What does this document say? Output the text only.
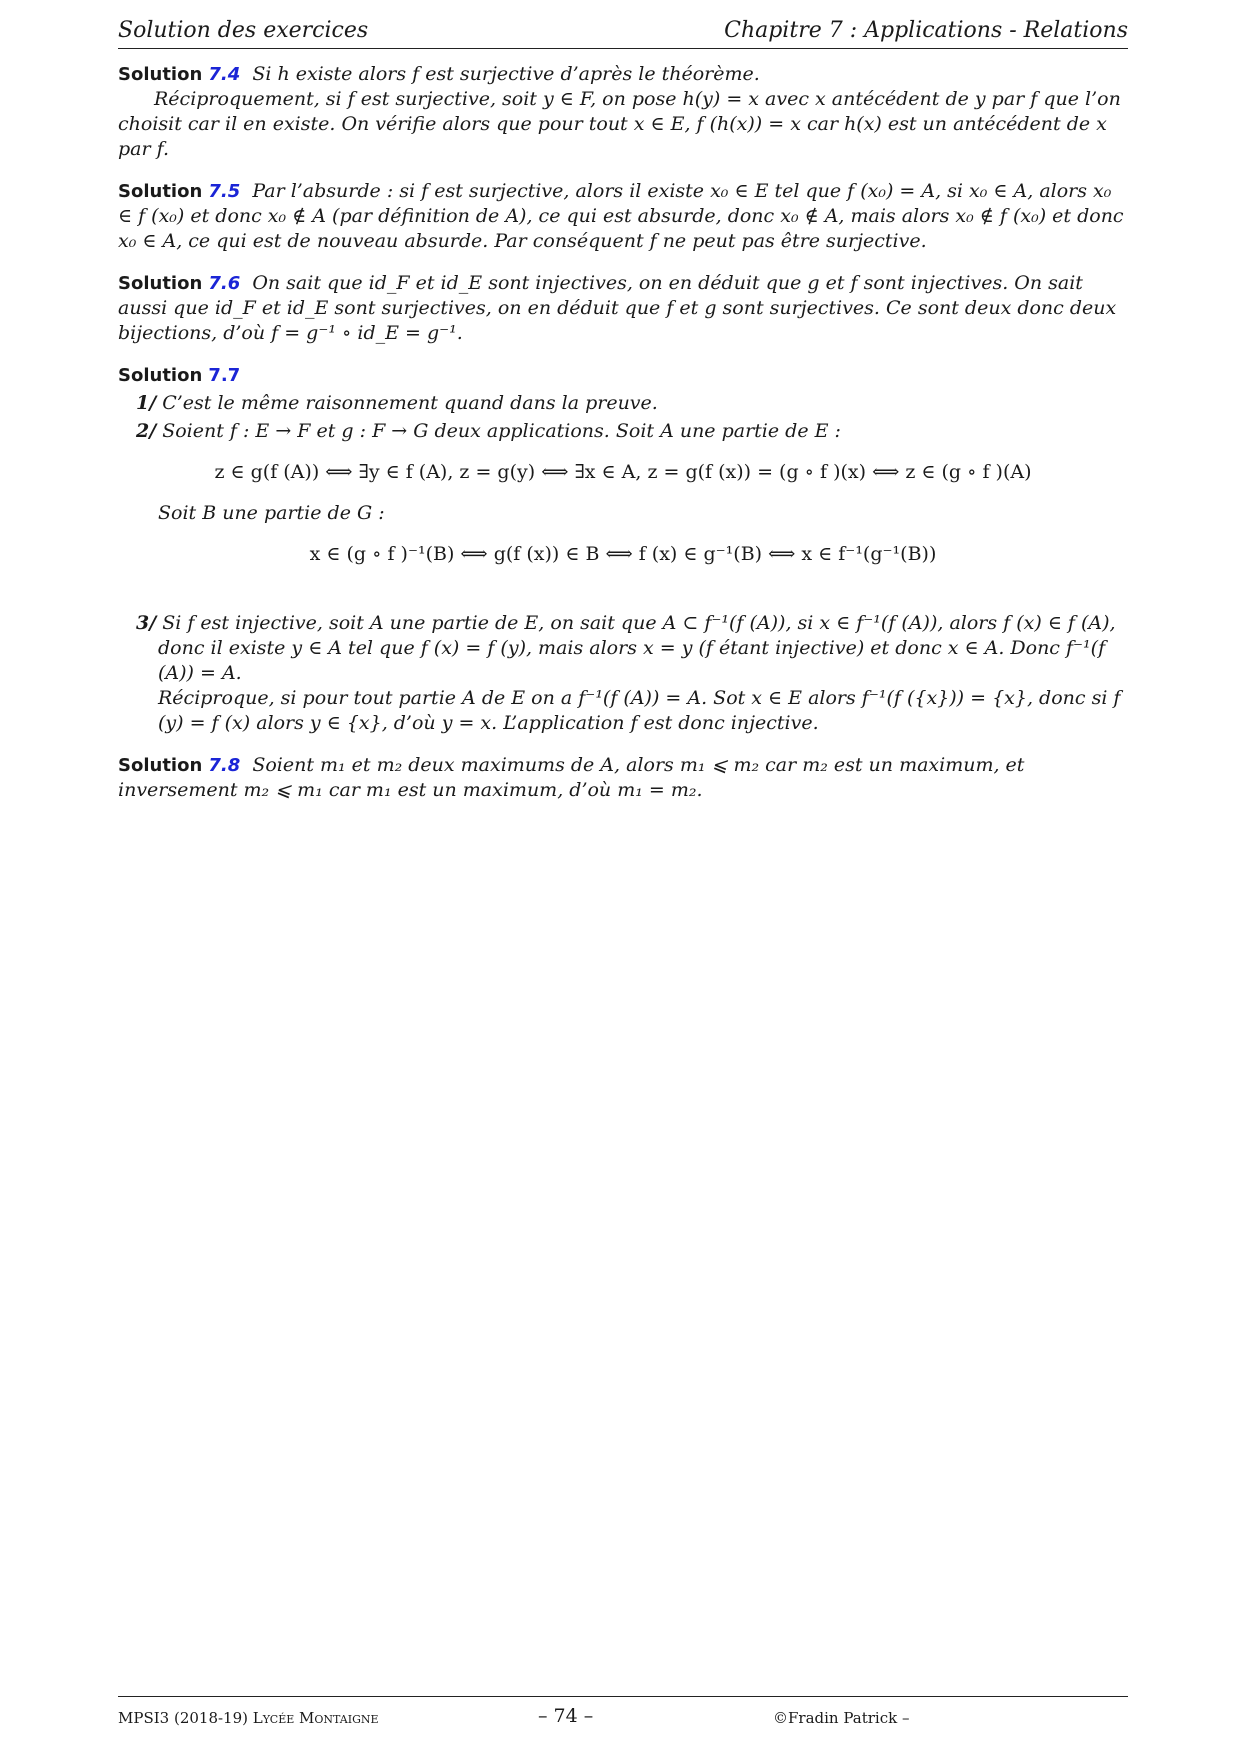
Solution des exercices	Chapitre 7 : Applications - Relations

Solution 7.4 Si h existe alors f est surjective d’après le théorème.

Réciproquement, si f est surjective, soit y ∈ F, on pose h(y) = x avec x antécédent de y par f que l’on choisit car il en existe. On vérifie alors que pour tout x ∈ E, f (h(x)) = x car h(x) est un antécédent de x par f.

Solution 7.5 Par l’absurde : si f est surjective, alors il existe x₀ ∈ E tel que f (x₀) = A, si x₀ ∈ A, alors x₀ ∈ f (x₀) et donc x₀ ∉ A (par définition de A), ce qui est absurde, donc x₀ ∉ A, mais alors x₀ ∉ f (x₀) et donc x₀ ∈ A, ce qui est de nouveau absurde. Par conséquent f ne peut pas être surjective.

Solution 7.6 On sait que id_F et id_E sont injectives, on en déduit que g et f sont injectives. On sait aussi que id_F et id_E sont surjectives, on en déduit que f et g sont surjectives. Ce sont deux donc deux bijections, d’où f = g⁻¹ ∘ id_E = g⁻¹.

Solution 7.7

1/ C’est le même raisonnement quand dans la preuve.

2/ Soient f : E → F et g : F → G deux applications. Soit A une partie de E :

z ∈ g(f (A)) ⟺ ∃y ∈ f (A), z = g(y) ⟺ ∃x ∈ A, z = g(f (x)) = (g ∘ f )(x) ⟺ z ∈ (g ∘ f )(A)

Soit B une partie de G :

x ∈ (g ∘ f )⁻¹(B) ⟺ g(f (x)) ∈ B ⟺ f (x) ∈ g⁻¹(B) ⟺ x ∈ f⁻¹(g⁻¹(B))

3/ Si f est injective, soit A une partie de E, on sait que A ⊂ f⁻¹(f (A)), si x ∈ f⁻¹(f (A)), alors f (x) ∈ f (A), donc il existe y ∈ A tel que f (x) = f (y), mais alors x = y (f étant injective) et donc x ∈ A. Donc f⁻¹(f (A)) = A.

Réciproque, si pour tout partie A de E on a f⁻¹(f (A)) = A. Sot x ∈ E alors f⁻¹(f ({x})) = {x}, donc si f (y) = f (x) alors y ∈ {x}, d’où y = x. L’application f est donc injective.

Solution 7.8 Soient m₁ et m₂ deux maximums de A, alors m₁ ⩽ m₂ car m₂ est un maximum, et inversement m₂ ⩽ m₁ car m₁ est un maximum, d’où m₁ = m₂.

MPSI3 (2018-19) Lycée Montaigne	– 74 –	©Fradin Patrick –
